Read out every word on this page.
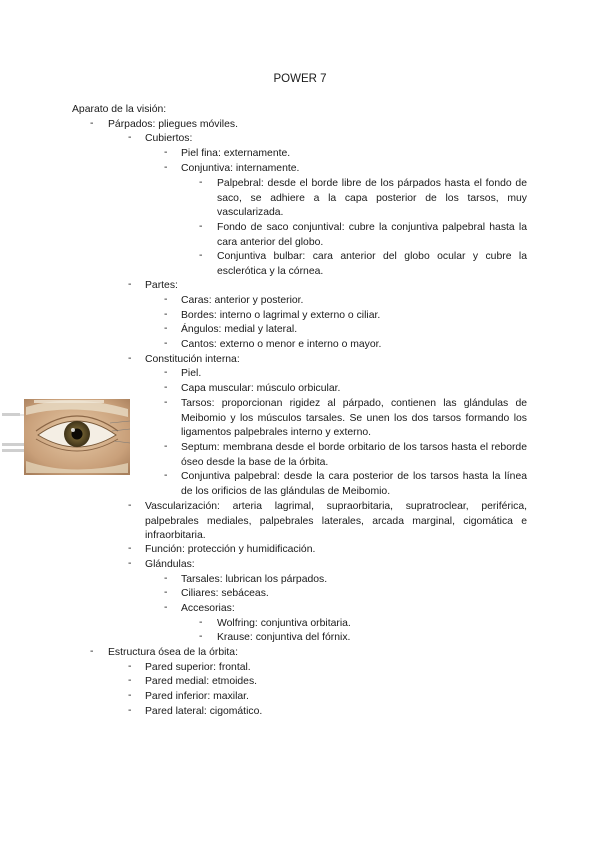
POWER 7
Aparato de la visión:
- Párpados: pliegues móviles.
- Cubiertos:
- Piel fina: externamente.
- Conjuntiva: internamente.
- Palpebral: desde el borde libre de los párpados hasta el fondo de saco, se adhiere a la capa posterior de los tarsos, muy vascularizada.
- Fondo de saco conjuntival: cubre la conjuntiva palpebral hasta la cara anterior del globo.
- Conjuntiva bulbar: cara anterior del globo ocular y cubre la esclerótica y la córnea.
- Partes:
- Caras: anterior y posterior.
- Bordes: interno o lagrimal y externo o ciliar.
- Ángulos: medial y lateral.
- Cantos: externo o menor e interno o mayor.
- Constitución interna:
- Piel.
- Capa muscular: músculo orbicular.
- Tarsos: proporcionan rigidez al párpado, contienen las glándulas de Meibomio y los músculos tarsales. Se unen los dos tarsos formando los ligamentos palpebrales interno y externo.
- Septum: membrana desde el borde orbitario de los tarsos hasta el reborde óseo desde la base de la órbita.
- Conjuntiva palpebral: desde la cara posterior de los tarsos hasta la línea de los orificios de las glándulas de Meibomio.
- Vascularización: arteria lagrimal, supraorbitaria, supratroclear, periférica, palpebrales mediales, palpebrales laterales, arcada marginal, cigomática e infraorbitaria.
- Función: protección y humidificación.
- Glándulas:
- Tarsales: lubrican los párpados.
- Ciliares: sebáceas.
- Accesorias:
- Wolfring: conjuntiva orbitaria.
- Krause: conjuntiva del fórnix.
- Estructura ósea de la órbita:
- Pared superior: frontal.
- Pared medial: etmoides.
- Pared inferior: maxilar.
- Pared lateral: cigomático.
